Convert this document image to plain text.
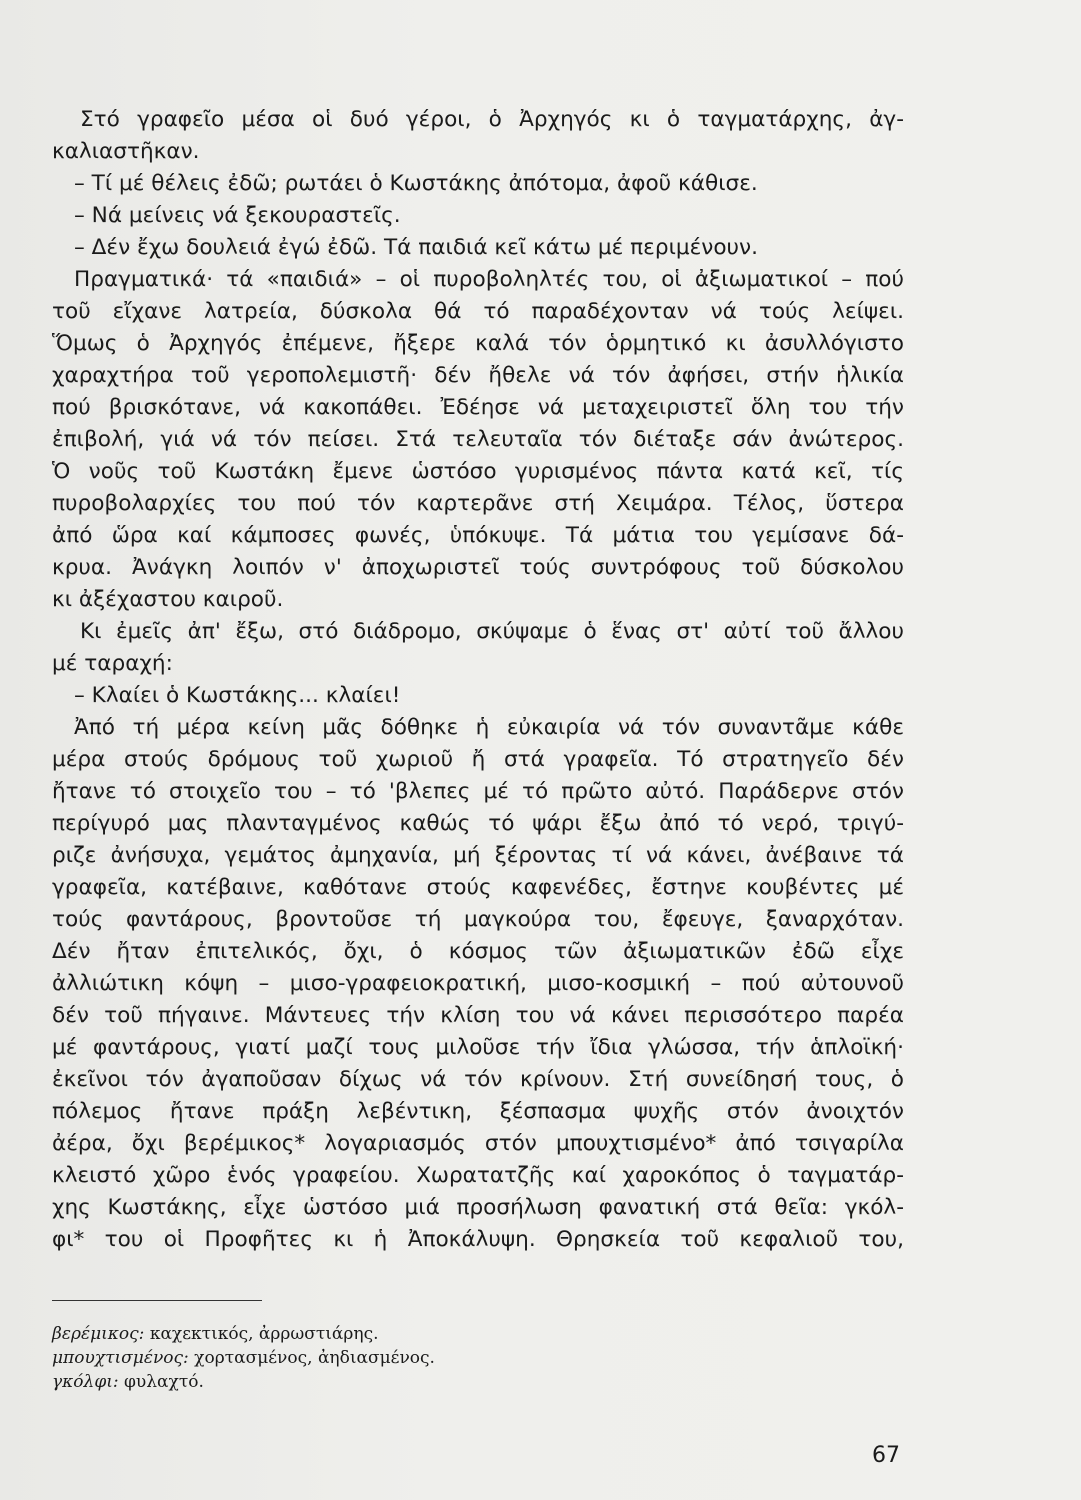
Στό γραφεῖο μέσα οἱ δυό γέροι, ὁ Ἀρχηγός κι ὁ ταγματάρχης, ἀγ-
καλιαστῆκαν.
– Τί μέ θέλεις ἐδῶ; ρωτάει ὁ Κωστάκης ἀπότομα, ἀφοῦ κάθισε.
– Νά μείνεις νά ξεκουραστεῖς.
– Δέν ἔχω δουλειά ἐγώ ἐδῶ. Τά παιδιά κεῖ κάτω μέ περιμένουν.
Πραγματικά· τά «παιδιά» – οἱ πυροβοληλτές του, οἱ ἀξιωματικοί – πού
τοῦ εἴχανε λατρεία, δύσκολα θά τό παραδέχονταν νά τούς λείψει.
Ὅμως ὁ Ἀρχηγός ἐπέμενε, ἤξερε καλά τόν ὁρμητικό κι ἀσυλλόγιστο
χαραχτήρα τοῦ γεροπολεμιστῆ· δέν ἤθελε νά τόν ἀφήσει, στήν ἡλικία
πού βρισκότανε, νά κακοπάθει. Ἐδέησε νά μεταχειριστεῖ ὅλη του τήν
ἐπιβολή, γιά νά τόν πείσει. Στά τελευταῖα τόν διέταξε σάν ἀνώτερος.
Ὁ νοῦς τοῦ Κωστάκη ἔμενε ὡστόσο γυρισμένος πάντα κατά κεῖ, τίς
πυροβολαρχίες του πού τόν καρτερᾶνε στή Χειμάρα. Τέλος, ὕστερα
ἀπό ὥρα καί κάμποσες φωνές, ὑπόκυψε. Τά μάτια του γεμίσανε δά-
κρυα. Ἀνάγκη λοιπόν ν' ἀποχωριστεῖ τούς συντρόφους τοῦ δύσκολου
κι ἀξέχαστου καιροῦ.
Κι ἐμεῖς ἀπ' ἔξω, στό διάδρομο, σκύψαμε ὁ ἕνας στ' αὐτί τοῦ ἄλλου
μέ ταραχή:
– Κλαίει ὁ Κωστάκης... κλαίει!
Ἀπό τή μέρα κείνη μᾶς δόθηκε ἡ εὐκαιρία νά τόν συναντᾶμε κάθε
μέρα στούς δρόμους τοῦ χωριοῦ ἤ στά γραφεῖα. Τό στρατηγεῖο δέν
ἤτανε τό στοιχεῖο του – τό 'βλεπες μέ τό πρῶτο αὐτό. Παράδερνε στόν
περίγυρό μας πλανταγμένος καθώς τό ψάρι ἔξω ἀπό τό νερό, τριγύ-
ριζε ἀνήσυχα, γεμάτος ἀμηχανία, μή ξέροντας τί νά κάνει, ἀνέβαινε τά
γραφεῖα, κατέβαινε, καθότανε στούς καφενέδες, ἔστηνε κουβέντες μέ
τούς φαντάρους, βροντοῦσε τή μαγκούρα του, ἔφευγε, ξαναρχόταν.
Δέν ἤταν ἐπιτελικός, ὄχι, ὁ κόσμος τῶν ἀξιωματικῶν ἐδῶ εἶχε
ἀλλιώτικη κόψη – μισο-γραφειοκρατική, μισο-κοσμική – πού αὐτουνοῦ
δέν τοῦ πήγαινε. Μάντευες τήν κλίση του νά κάνει περισσότερο παρέα
μέ φαντάρους, γιατί μαζί τους μιλοῦσε τήν ἴδια γλώσσα, τήν ἁπλοϊκή·
ἐκεῖνοι τόν ἀγαποῦσαν δίχως νά τόν κρίνουν. Στή συνείδησή τους, ὁ
πόλεμος ἤτανε πράξη λεβέντικη, ξέσπασμα ψυχῆς στόν ἀνοιχτόν
ἀέρα, ὄχι βερέμικος* λογαριασμός στόν μπουχτισμένο* ἀπό τσιγαρίλα
κλειστό χῶρο ἑνός γραφείου. Χωρατατζῆς καί χαροκόπος ὁ ταγματάρ-
χης Κωστάκης, εἶχε ὡστόσο μιά προσήλωση φανατική στά θεῖα: γκόλ-
φι* του οἱ Προφῆτες κι ἡ Ἀποκάλυψη. Θρησκεία τοῦ κεφαλιοῦ του,
βερέμικος: καχεκτικός, ἀρρωστιάρης.
μπουχτισμένος: χορτασμένος, ἀηδιασμένος.
γκόλφι: φυλαχτό.
67
